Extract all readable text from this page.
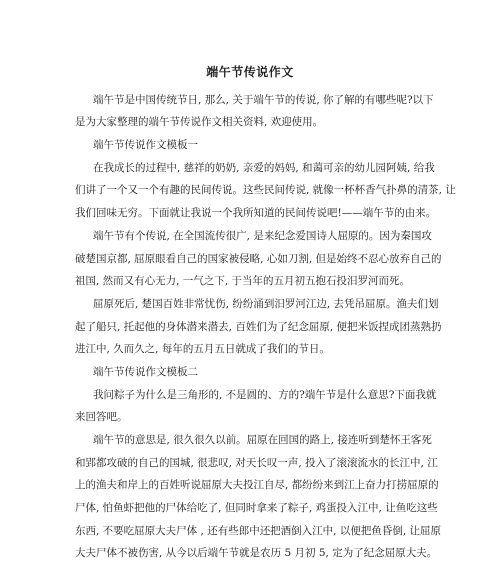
端午节传说作文
端午节是中国传统节日, 那么, 关于端午节的传说, 你了解的有哪些呢?以下
是为大家整理的端午节传说作文相关资料, 欢迎使用。
端午节传说作文模板一
在我成长的过程中, 慈祥的奶奶, 亲爱的妈妈, 和蔼可亲的幼儿园阿姨, 给我
们讲了一个又一个有趣的民间传说。这些民间传说, 就像一杯杯香气扑鼻的清茶, 让
我们回味无穷。下面就让我说一个我所知道的民间传说吧!——端午节的由来。
端午节有个传说, 在全国流传很广, 是来纪念爱国诗人屈原的。因为秦国攻
破楚国京都, 屈原眼看自己的国家被侵略, 心如刀割, 但是始终不忍心放弃自己的
祖国, 然而又有心无力, 一气之下, 于当年的五月初五抱石投汨罗河而死。
屈原死后, 楚国百姓非常忧伤, 纷纷涌到汨罗河江边, 去凭吊屈原。渔夫们划
起了船只, 托起他的身体潜来潜去, 百姓们为了纪念屈原, 便把米饭捏成团蒸熟扔
进江中, 久而久之, 每年的五月五日就成了我们的节日。
端午节传说作文模板二
我问粽子为什么是三角形的, 不是圆的、方的?端午节是什么意思?下面我就
来回答吧。
端午节的意思是, 很久很久以前。屈原在回国的路上, 接连听到楚怀王客死
和郢都攻破的自己的国城, 很悲叹, 对天长叹一声, 投入了滚滚流水的长江中, 江
上的渔夫和岸上的百姓听说屈原大夫投江自尽, 都纷纷来到江上奋力打捞屈原的
尸体, 怕鱼虾把他的尸体给吃了, 但同时拿来了粽子, 鸡蛋投入江中, 让鱼吃这些
东西, 不要吃屈原大夫尸体 , 还有些郎中还把酒倒入江中, 以便把鱼昏倒, 让屈原
大夫尸体不被伤害, 从今以后端午节就是农历 5 月初 5, 定为了纪念屈原大夫。
